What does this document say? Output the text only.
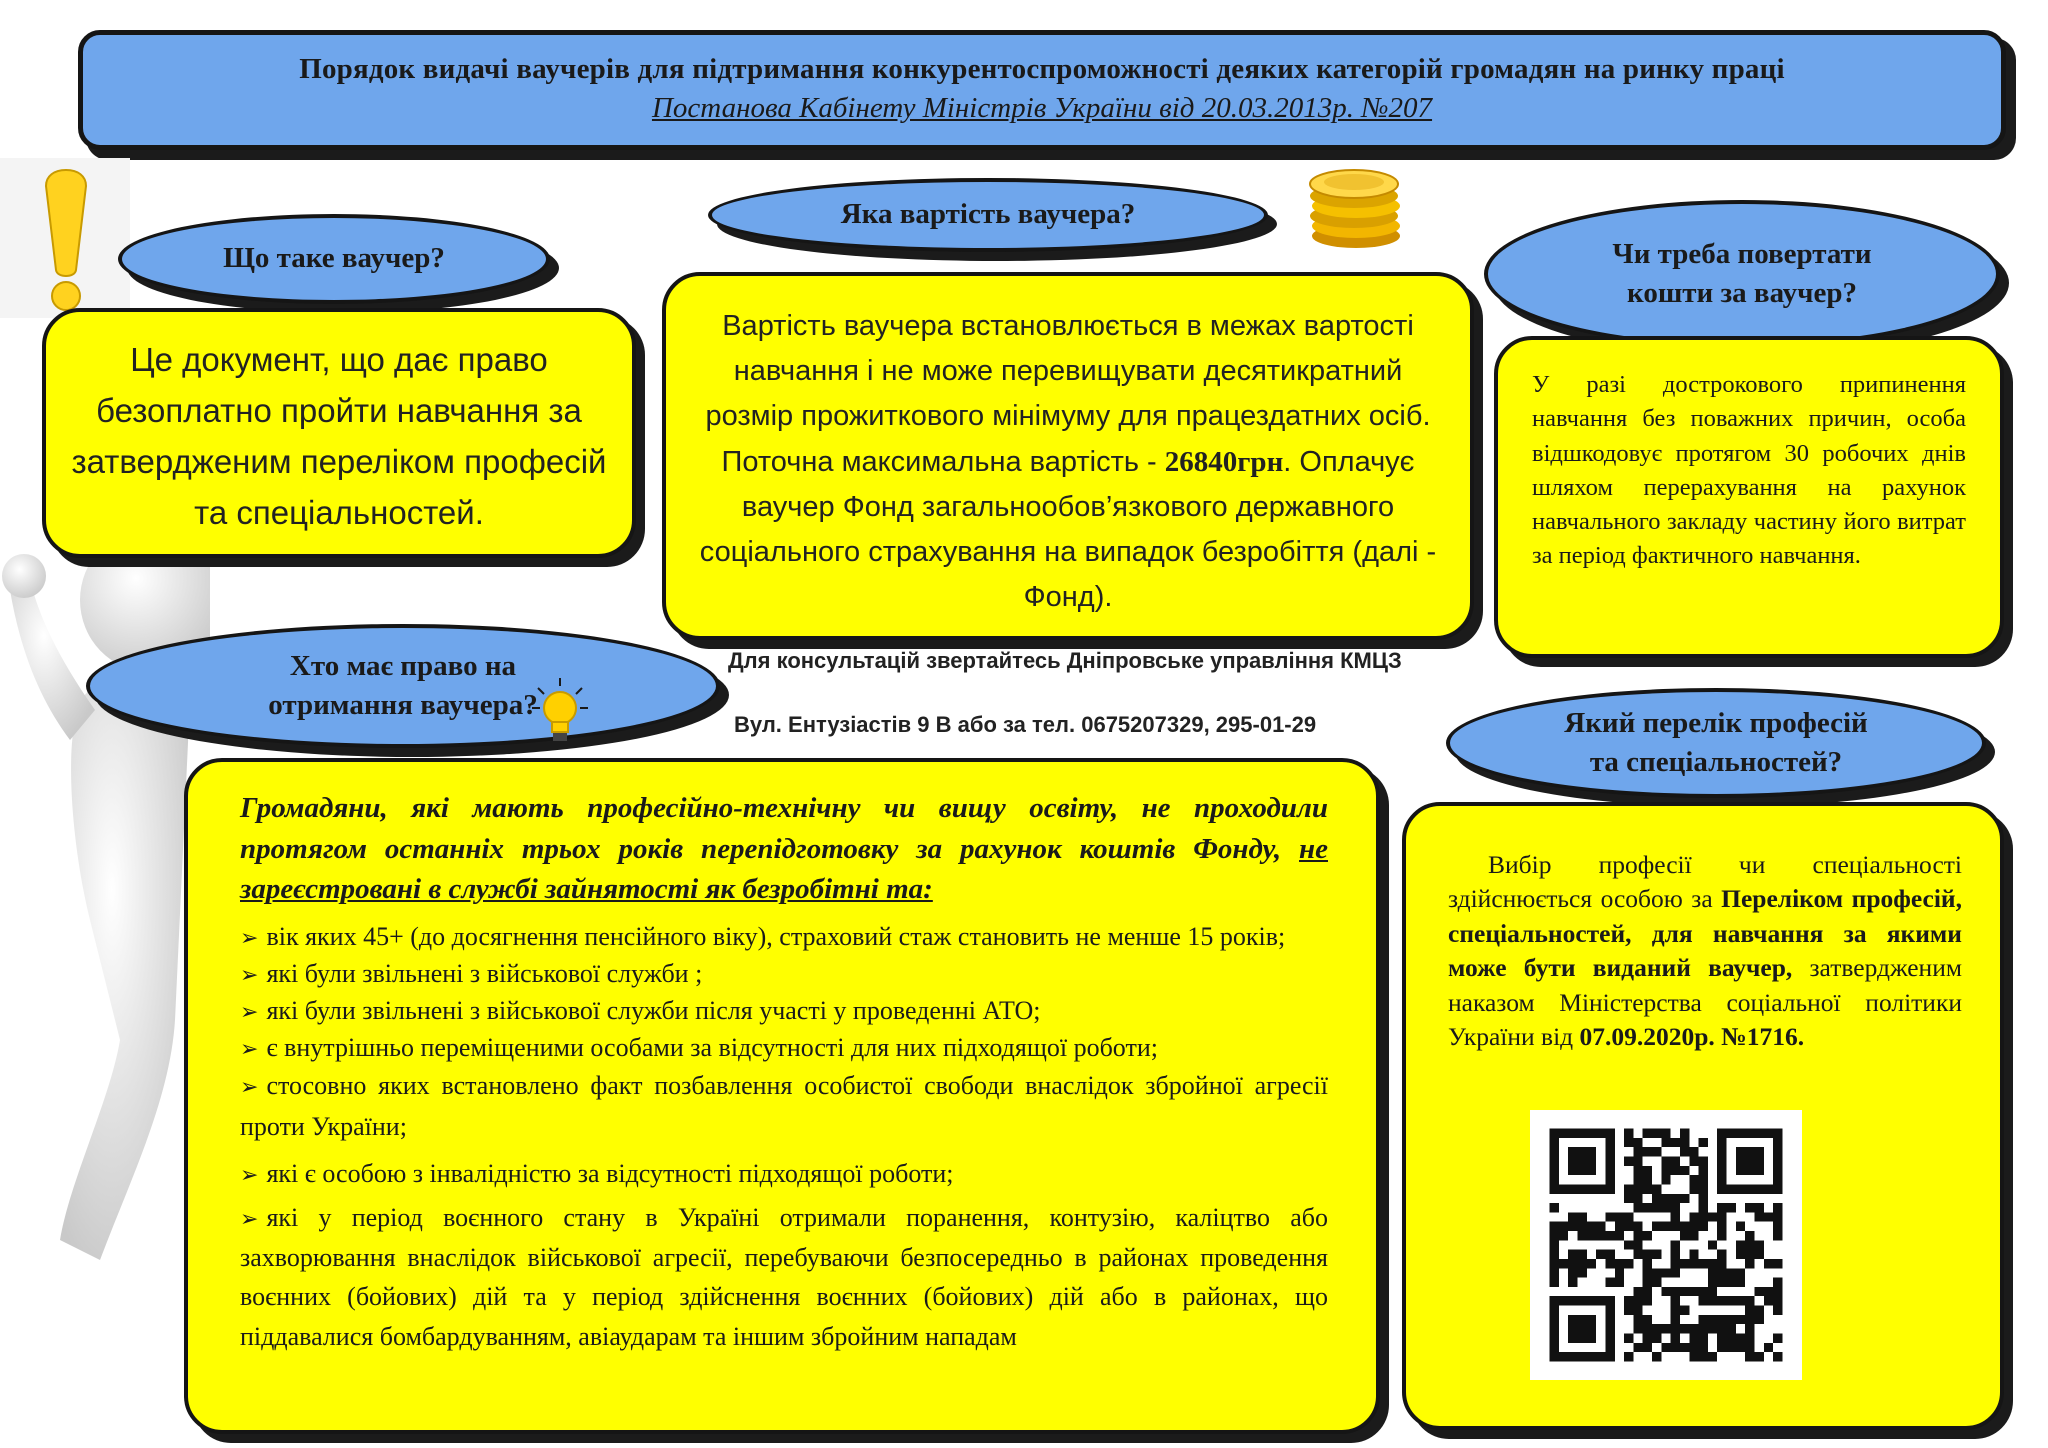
Порядок видачі ваучерів для підтримання конкурентоспроможності деяких категорій громадян на ринку праці
Постанова Кабінету Міністрів України від 20.03.2013р. №207
Що таке ваучер?
Це документ, що дає право безоплатно пройти навчання за затвердженим переліком професій та спеціальностей.
Яка вартість ваучера?
Вартість ваучера встановлюється в межах вартості навчання і не може перевищувати десятикратний розмір прожиткового мінімуму для працездатних осіб. Поточна максимальна вартість - 26840грн. Оплачує ваучер Фонд загальнообов’язкового державного соціального страхування на випадок безробіття (далі - Фонд).
Чи треба повертати
кошти за ваучер?
У разі дострокового припинення навчання без поважних причин, особа відшкодовує протягом 30 робочих днів шляхом перерахування на рахунок навчального закладу частину його витрат за період фактичного навчання.
Для консультацій звертайтесь Дніпровське управління КМЦЗ
Вул. Ентузіастів 9 В або за тел. 0675207329, 295-01-29
Хто має право на
отримання ваучера?
Громадяни, які мають професійно-технічну чи вищу освіту, не проходили протягом останніх трьох років перепідготовку за рахунок коштів Фонду, не зареєстровані в службі зайнятості як безробітні та:
➢ вік яких 45+ (до досягнення пенсійного віку), страховий стаж становить не менше 15 років;
➢ які були звільнені з військової служби ;
➢ які були звільнені з військової служби після участі у проведенні АТО;
➢ є внутрішньо переміщеними особами за відсутності для них підходящої роботи;
➢ стосовно яких встановлено факт позбавлення особистої свободи внаслідок збройної агресії проти України;
➢ які є особою з інвалідністю за відсутності підходящої роботи;
➢ які у період воєнного стану в Україні отримали поранення, контузію, каліцтво або захворювання внаслідок військової агресії, перебуваючи безпосередньо в районах проведення воєнних (бойових) дій та у період здійснення воєнних (бойових) дій або в районах, що піддавалися бомбардуванням, авіаударам та іншим збройним нападам
Який перелік професій
та спеціальностей?

Вибір професії чи спеціальності здійснюється особою за Переліком професій, спеціальностей, для навчання за якими може бути виданий ваучер, затвердженим наказом Міністерства соціальної політики України від 07.09.2020р. №1716.
